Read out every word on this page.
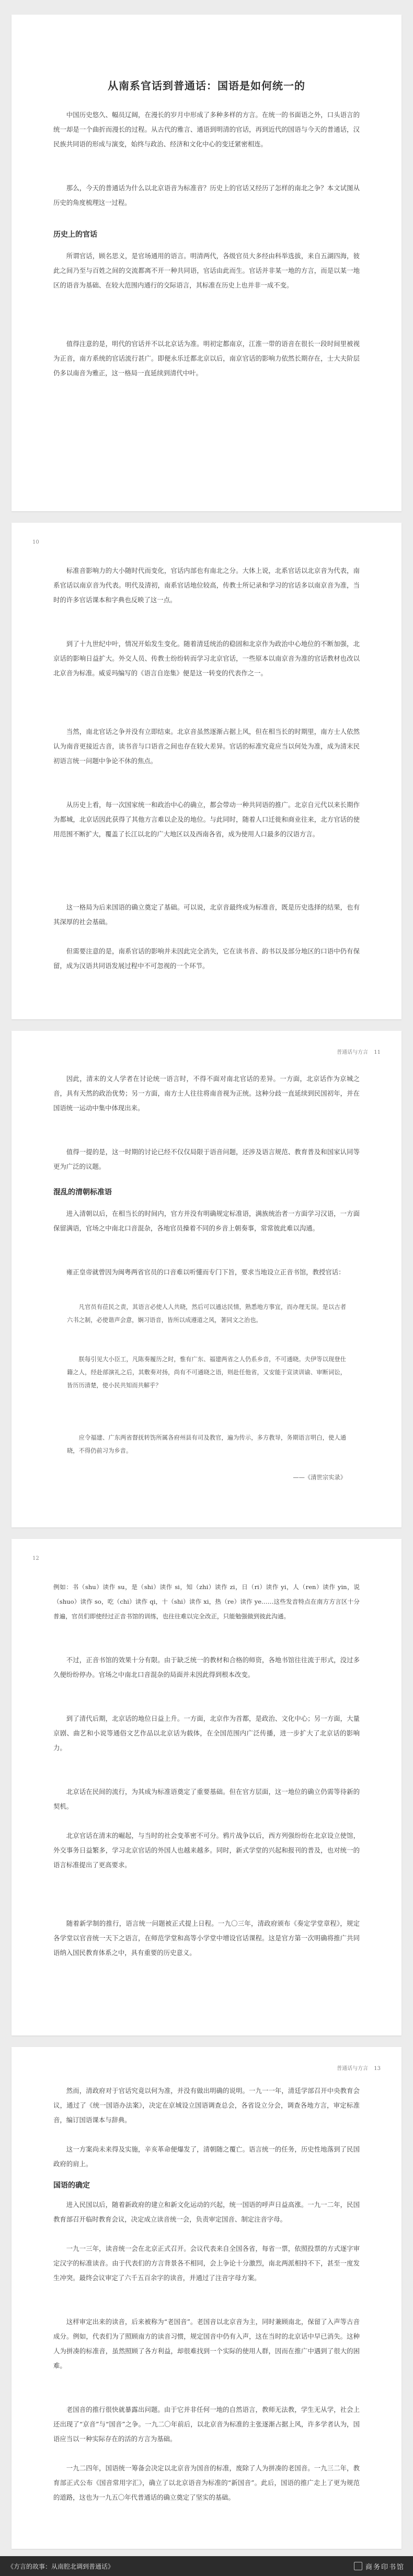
从南系官话到普通话：国语是如何统一的

中国历史悠久、幅员辽阔，在漫长的岁月中形成了多种多样的方言。在统一的书面语之外，口头语言的统一却是一个曲折而漫长的过程。从古代的雅言、通语到明清的官话，再到近代的国语与今天的普通话，汉民族共同语的形成与演变，始终与政治、经济和文化中心的变迁紧密相连。

那么，今天的普通话为什么以北京语音为标准音？历史上的官话又经历了怎样的南北之争？本文试图从历史的角度梳理这一过程。

历史上的官话

所谓官话，顾名思义，是官场通用的语言。明清两代，各级官员大多经由科举选拔，来自五湖四海，彼此之间乃至与百姓之间的交流都离不开一种共同语，官话由此而生。官话并非某一地的方言，而是以某一地区的语音为基础、在较大范围内通行的交际语言，其标准在历史上也并非一成不变。

值得注意的是，明代的官话并不以北京话为准。明初定都南京，江淮一带的语音在很长一段时间里被视为正音，南方系统的官话流行甚广。即便永乐迁都北京以后，南京官话的影响力依然长期存在，士大夫阶层仍多以南音为雅正，这一格局一直延续到清代中叶。

10

标准音影响力的大小随时代而变化，官话内部也有南北之分。大体上说，北系官话以北京音为代表，南系官话以南京音为代表。明代及清初，南系官话地位较高，传教士所记录和学习的官话多以南京音为准，当时的许多官话课本和字典也反映了这一点。

到了十九世纪中叶，情况开始发生变化。随着清廷统治的稳固和北京作为政治中心地位的不断加强，北京话的影响日益扩大。外交人员、传教士纷纷转而学习北京官话，一些原本以南京音为准的官话教材也改以北京音为标准。威妥玛编写的《语言自迩集》便是这一转变的代表作之一。

当然，南北官话之争并没有立即结束。北京音虽然逐渐占据上风，但在相当长的时期里，南方士人依然认为南音更接近古音，读书音与口语音之间也存在较大差异。官话的标准究竟应当以何处为准，成为清末民初语言统一问题中争论不休的焦点。

从历史上看，每一次国家统一和政治中心的确立，都会带动一种共同语的推广。北京自元代以来长期作为都城，北京话因此获得了其他方言难以企及的地位。与此同时，随着人口迁徙和商业往来，北方官话的使用范围不断扩大，覆盖了长江以北的广大地区以及西南各省，成为使用人口最多的汉语方言。

这一格局为后来国语的确立奠定了基础。可以说，北京音最终成为标准音，既是历史选择的结果，也有其深厚的社会基础。

但需要注意的是，南系官话的影响并未因此完全消失，它在读书音、韵书以及部分地区的口语中仍有保留，成为汉语共同语发展过程中不可忽视的一个环节。

普通话与方言 11

因此，清末的文人学者在讨论统一语言时，不得不面对南北官话的差异。一方面，北京话作为京城之音，具有天然的政治优势；另一方面，南方士人往往将南音视为正统。这种分歧一直延续到民国初年，并在国语统一运动中集中体现出来。

值得一提的是，这一时期的讨论已经不仅仅局限于语音问题，还涉及语言规范、教育普及和国家认同等更为广泛的议题。

混乱的清朝标准语

进入清朝以后，在相当长的时间内，官方并没有明确规定标准语，满族统治者一方面学习汉语，一方面保留满语，官场之中南北口音混杂，各地官员操着不同的乡音上朝奏事，常常彼此难以沟通。

雍正皇帝就曾因为闽粤两省官员的口音难以听懂而专门下旨，要求当地设立正音书馆，教授官话：

凡官员有莅民之责，其语言必使人人共晓，然后可以通达民情，熟悉地方事宜，而办理无误。是以古者六书之制，必使谐声会意，娴习语音，皆所以成遵道之风，著同文之治也。

朕每引见大小臣工，凡陈奏履历之时，惟有广东、福建两省之人仍系乡音，不可通晓。夫伊等以现登仕籍之人，经赴部演礼之后，其敷奏对扬，尚有不可通晓之语，则赴任他省，又安能于宣读训谕、审断词讼，皆历历清楚，使小民共知而共解乎？

应令福建、广东两省督抚转饬所属各府州县有司及教官，遍为传示，多方教导，务期语言明白，使人通晓，不得仍前习为乡音。

——《清世宗实录》

12

例如：书（shu）读作 su，是（shi）读作 si，知（zhi）读作 zi，日（ri）读作 yi，人（ren）读作 yin，说（shuo）读作 so，吃（chi）读作 qi，十（shi）读作 xi，热（re）读作 ye……这些发音特点在南方方言区十分普遍，官员们即使经过正音书馆的训练，也往往难以完全改正，只能勉强做到彼此沟通。

不过，正音书馆的效果十分有限。由于缺乏统一的教材和合格的师资，各地书馆往往流于形式，没过多久便纷纷停办。官场之中南北口音混杂的局面并未因此得到根本改变。

到了清代后期，北京话的地位日益上升。一方面，北京作为首都，是政治、文化中心；另一方面，大量京剧、曲艺和小说等通俗文艺作品以北京话为载体，在全国范围内广泛传播，进一步扩大了北京话的影响力。

北京话在民间的流行，为其成为标准语奠定了重要基础。但在官方层面，这一地位的确立仍需等待新的契机。

北京官话在清末的崛起，与当时的社会变革密不可分。鸦片战争以后，西方列强纷纷在北京设立使馆，外交事务日益繁多，学习北京官话的外国人也越来越多。同时，新式学堂的兴起和报刊的普及，也对统一的语言标准提出了更高要求。

随着新学制的推行，语言统一问题被正式提上日程。一九〇三年，清政府颁布《奏定学堂章程》，规定各学堂以官音统一天下之语言，在师范学堂和高等小学堂中增设官话课程。这是官方第一次明确将推广共同语纳入国民教育体系之中，具有重要的历史意义。

普通话与方言 13

然而，清政府对于官话究竟以何为准，并没有做出明确的说明。一九一一年，清廷学部召开中央教育会议，通过了《统一国语办法案》，决定在京城设立国语调查总会，各省设立分会，调查各地方言，审定标准音，编订国语课本与辞典。

这一方案尚未来得及实施，辛亥革命便爆发了，清朝随之覆亡。语言统一的任务，历史性地落到了民国政府的肩上。

国语的确定

进入民国以后，随着新政府的建立和新文化运动的兴起，统一国语的呼声日益高涨。一九一二年，民国教育部召开临时教育会议，决定成立读音统一会，负责审定国音、制定注音字母。

一九一三年，读音统一会在北京正式召开。会议代表来自全国各省，每省一票，依照投票的方式逐字审定汉字的标准读音。由于代表们的方言背景各不相同，会上争论十分激烈，南北两派相持不下，甚至一度发生冲突。最终会议审定了六千五百余字的读音，并通过了注音字母方案。

这样审定出来的读音，后来被称为“老国音”。老国音以北京音为主，同时兼顾南北，保留了入声等古音成分。例如，代表们为了照顾南方的读音习惯，规定国音中仍有入声，这在当时的北京话中早已消失。这种人为拼凑的标准音，虽然照顾了各方利益，却很难找到一个实际的使用人群，因而在推广中遇到了很大的困难。

老国音的推行很快就暴露出问题。由于它并非任何一地的自然语言，教师无法教，学生无从学，社会上还出现了“京音”与“国音”之争。一九二〇年前后，以北京音为标准的主张逐渐占据上风，许多学者认为，国语应当以一种实际存在的活的方言为基础。

一九二四年，国语统一筹备会决定以北京音为国音的标准，废除了人为拼凑的老国音。一九三二年，教育部正式公布《国音常用字汇》，确立了以北京语音为标准的“新国音”。此后，国语的推广走上了更为规范的道路，这也为一九五〇年代普通话的确立奠定了坚实的基础。

《方言的故事：从南腔北调到普通话》	商务印书馆
